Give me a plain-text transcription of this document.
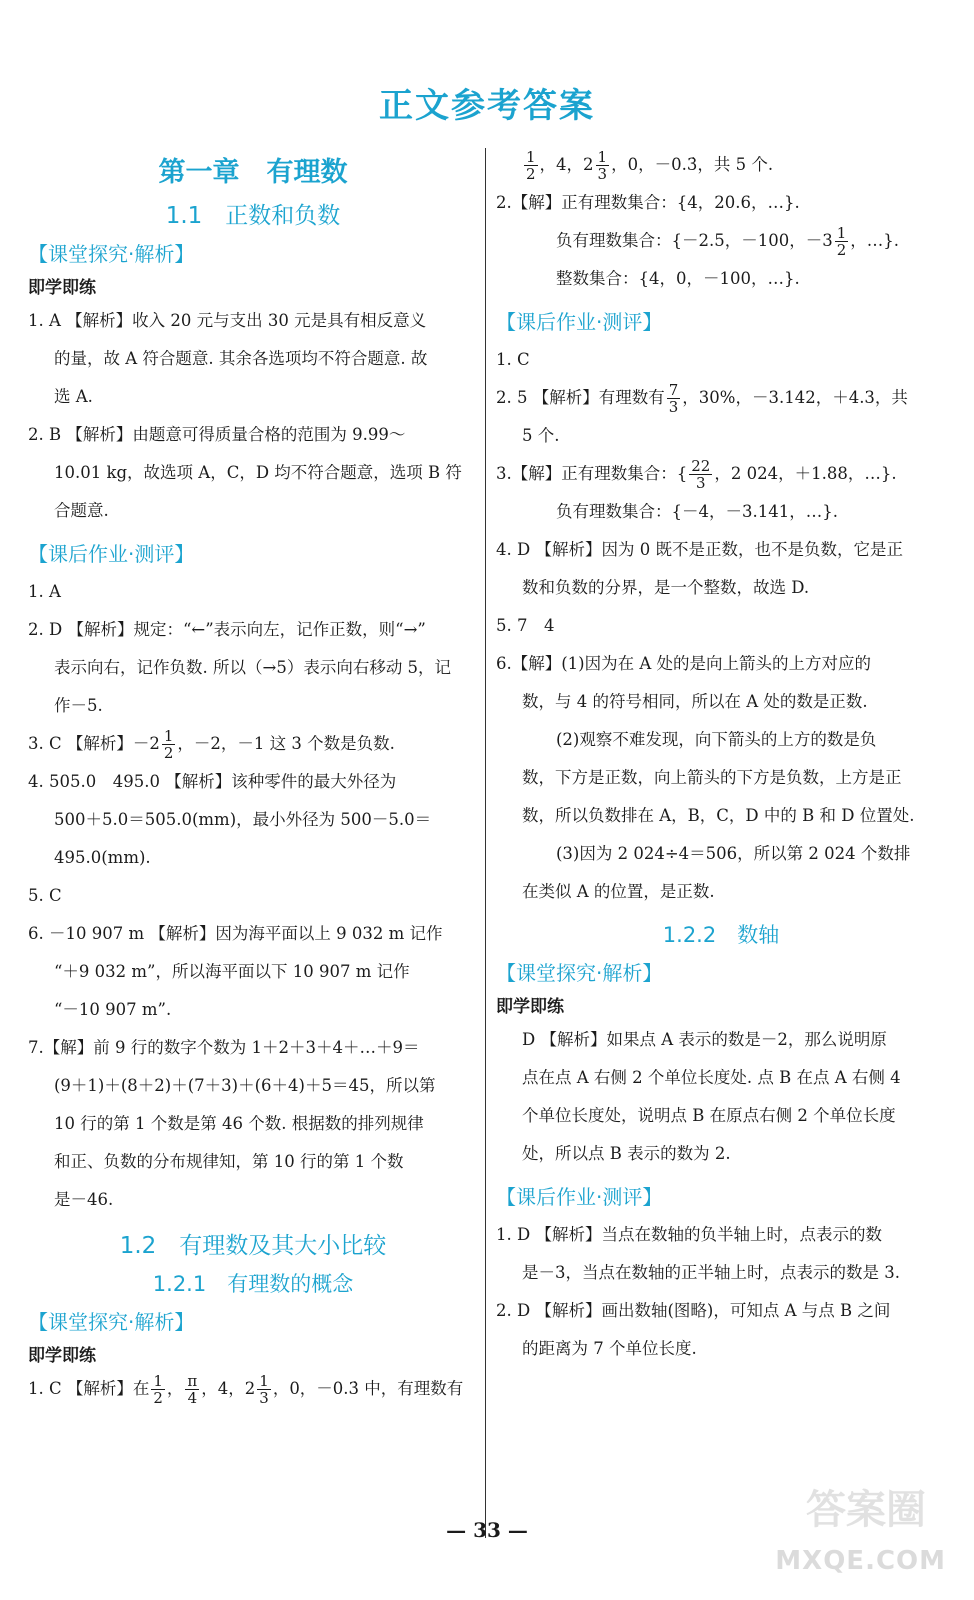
正文参考答案
第一章　有理数
1.1　正数和负数
【课堂探究·解析】
即学即练

1. A 【解析】收入 20 元与支出 30 元是具有相反意义

的量，故 A 符合题意. 其余各选项均不符合题意. 故

选 A.

2. B 【解析】由题意可得质量合格的范围为 9.99～

10.01 kg，故选项 A，C，D 均不符合题意，选项 B 符

合题意.

【课后作业·测评】

1. A

2. D 【解析】规定：“←”表示向左，记作正数，则“→”

表示向右，记作负数. 所以（→5）表示向右移动 5，记

作－5.

3. C 【解析】$-2 \frac{1}{2}$ ，－2，－1 这 3 个数是负数.

4. 505.0　495.0 【解析】该种零件的最大外径为

500＋5.0＝505.0(mm)，最小外径为 500－5.0＝

495.0(mm).

5. C

6. －10 907 m 【解析】因为海平面以上 9 032 m 记作

“＋9 032 m”，所以海平面以下 10 907 m 记作

“－10 907 m”.

7.【解】前 9 行的数字个数为 1＋2＋3＋4＋…＋9＝

(9＋1)＋(8＋2)＋(7＋3)＋(6＋4)＋5＝45，所以第

10 行的第 1 个数是第 46 个数. 根据数的排列规律

和正、负数的分布规律知，第 10 行的第 1 个数

是－46.

1.2　有理数及其大小比较
1.2.1　有理数的概念
【课堂探究·解析】
即学即练

1. C 【解析】在 $\frac{1}{2}$ ， $\frac{\pi}{4}$ ，4，$2 \frac{1}{3}$ ，0，－0.3̇ 中，有理数有

$\frac{1}{2}$ ，4，$2 \frac{1}{3}$ ，0，－0.3̇，共 5 个.

2.【解】正有理数集合：{4，20.6，…}.

负有理数集合：{－2.5，－100，$-3 \frac{1}{2}$ ，…}.

整数集合：{4，0，－100，…}.

【课后作业·测评】

1. C

2. 5 【解析】有理数有 $\frac{7}{3}$ ，30%，－3.142，＋4.3，共

5 个.

3.【解】正有理数集合：{ $\frac{22}{3}$ ，2 024，＋1.88，…}.

负有理数集合：{－4，－3.141，…}.

4. D 【解析】因为 0 既不是正数，也不是负数，它是正

数和负数的分界，是一个整数，故选 D.

5. 7　4

6.【解】(1)因为在 A 处的是向上箭头的上方对应的

数，与 4 的符号相同，所以在 A 处的数是正数.

(2)观察不难发现，向下箭头的上方的数是负

数，下方是正数，向上箭头的下方是负数，上方是正

数，所以负数排在 A，B，C，D 中的 B 和 D 位置处.

(3)因为 2 024÷4＝506，所以第 2 024 个数排

在类似 A 的位置，是正数.

1.2.2　数轴
【课堂探究·解析】
即学即练

D 【解析】如果点 A 表示的数是－2，那么说明原

点在点 A 右侧 2 个单位长度处. 点 B 在点 A 右侧 4

个单位长度处，说明点 B 在原点右侧 2 个单位长度

处，所以点 B 表示的数为 2.

【课后作业·测评】

1. D 【解析】当点在数轴的负半轴上时，点表示的数

是－3，当点在数轴的正半轴上时，点表示的数是 3.

2. D 【解析】画出数轴(图略)，可知点 A 与点 B 之间

的距离为 7 个单位长度.

— 33 —	答案圈
MXQE.COM
